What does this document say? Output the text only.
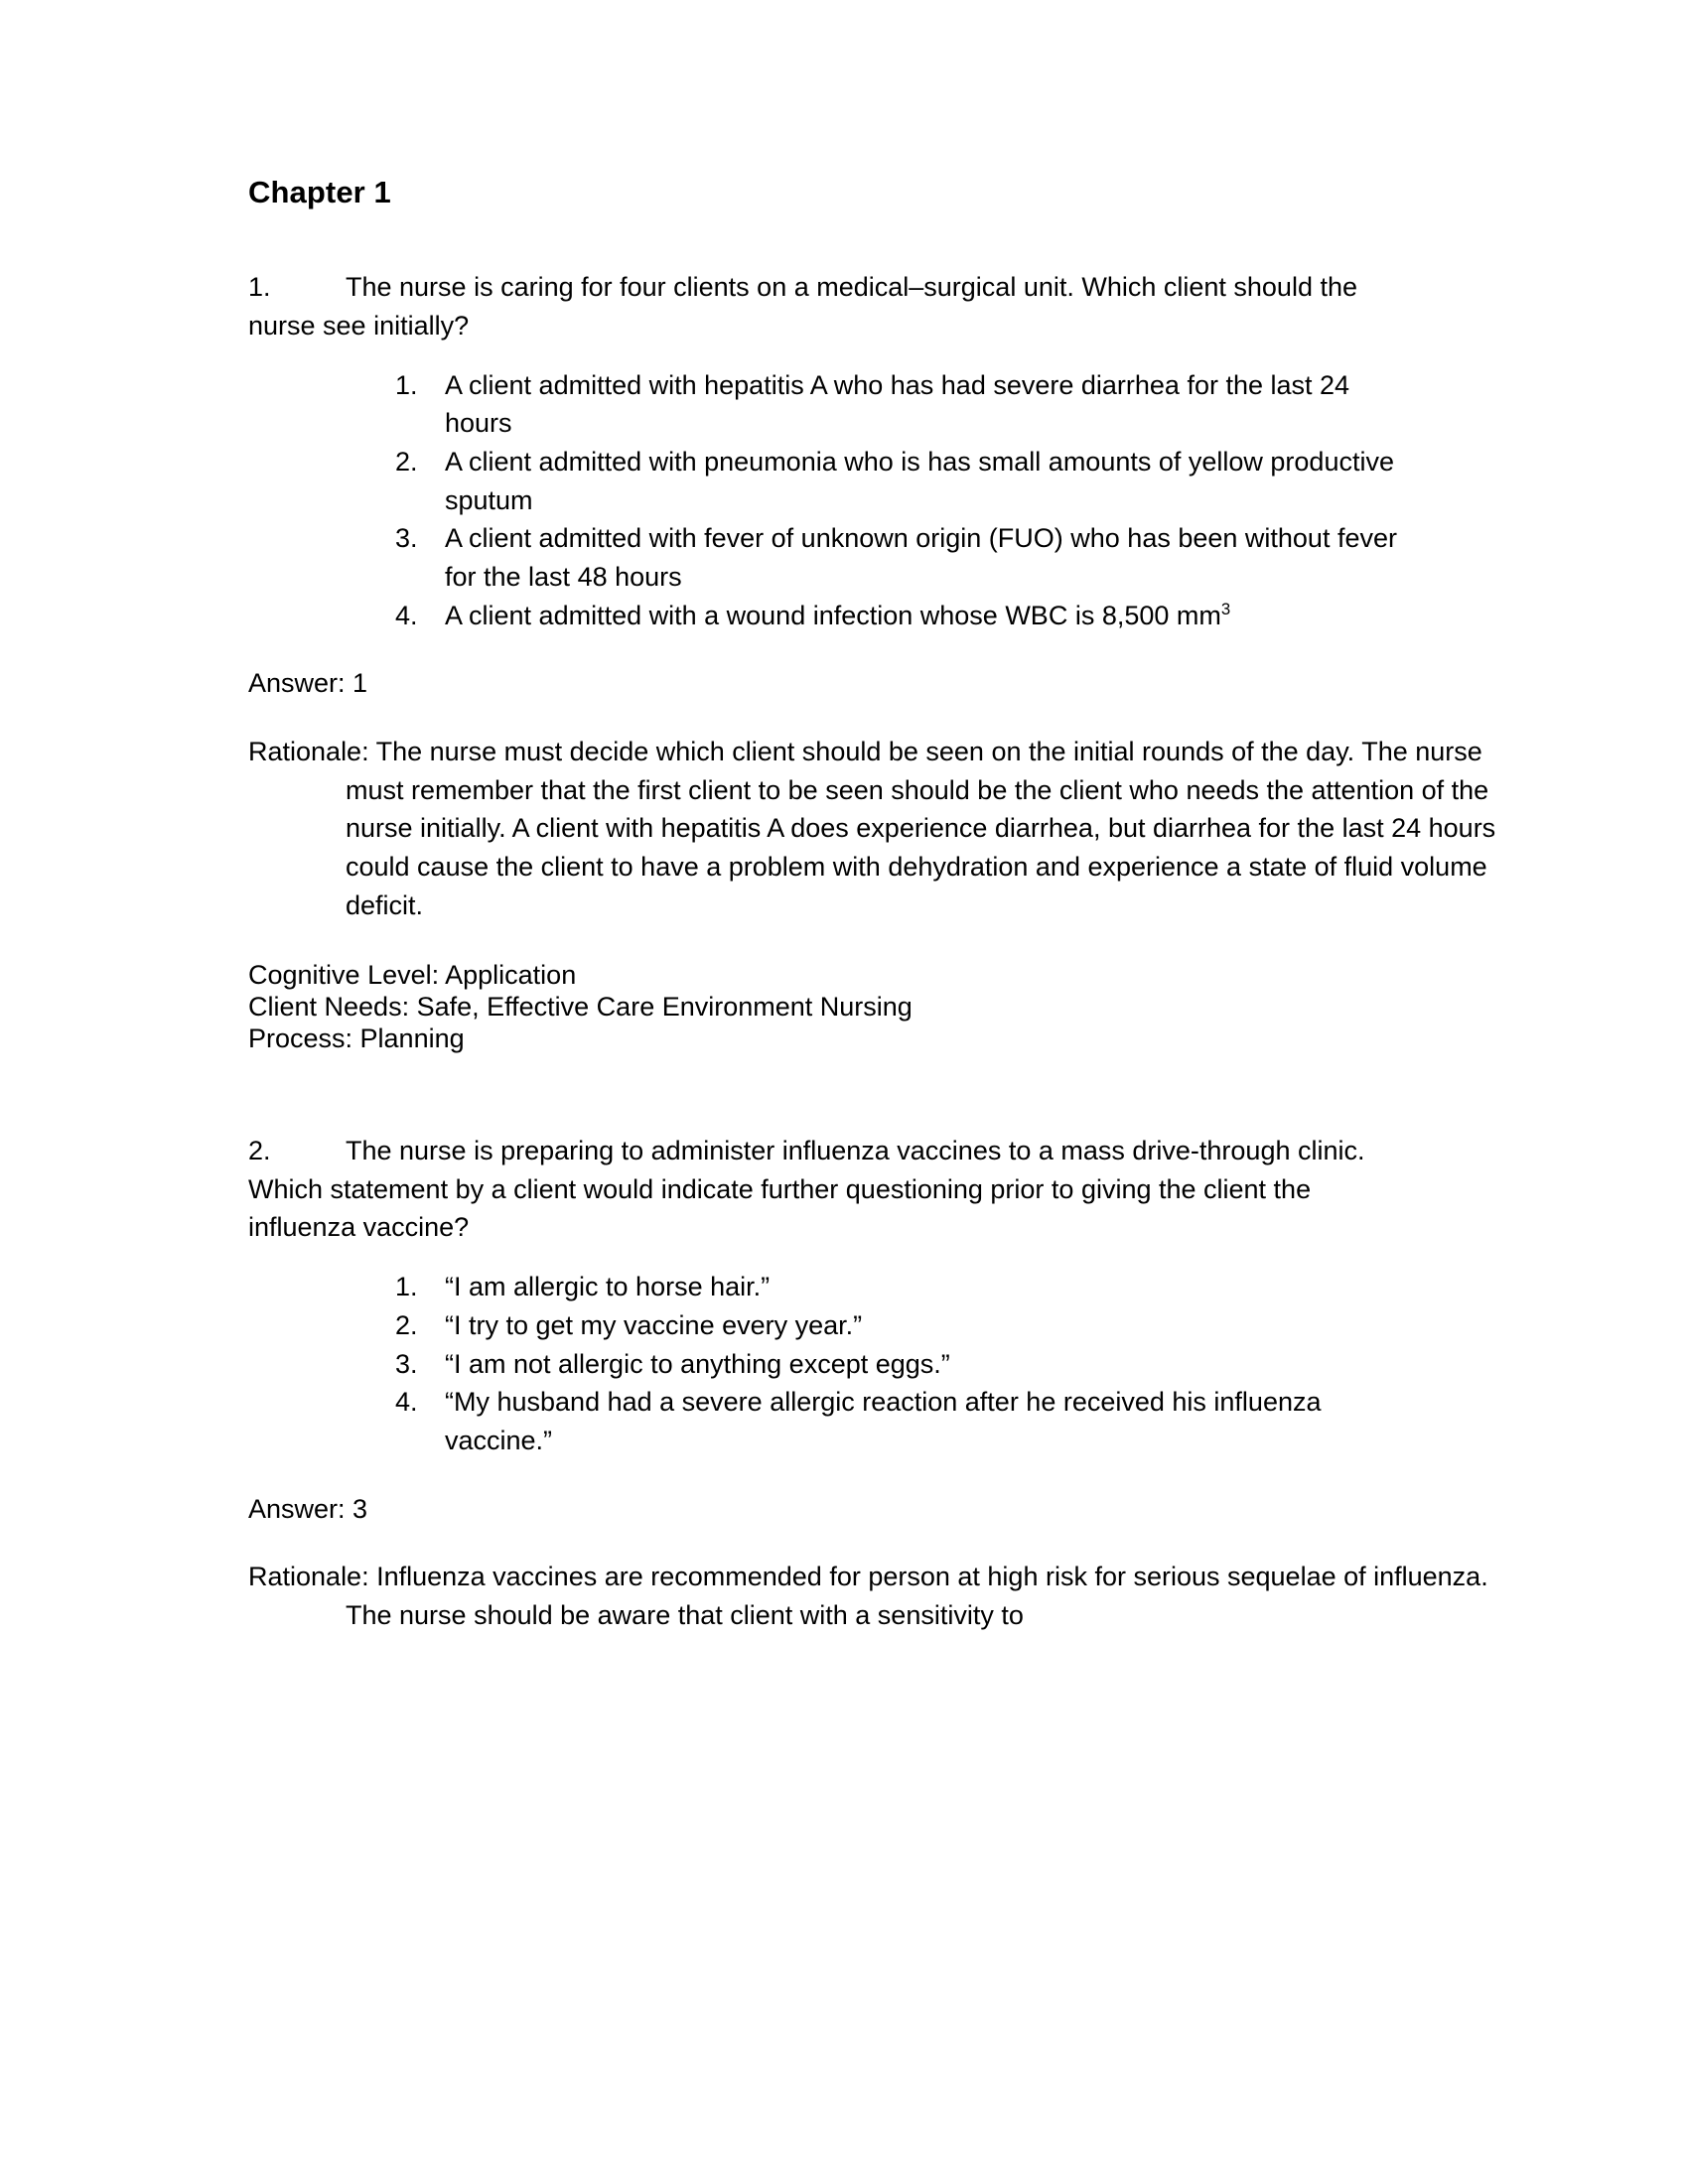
Chapter 1

1.	The nurse is caring for four clients on a medical–surgical unit. Which client should the nurse see initially?

1.	A client admitted with hepatitis A who has had severe diarrhea for the last 24 hours
2.	A client admitted with pneumonia who is has small amounts of yellow productive sputum
3.	A client admitted with fever of unknown origin (FUO) who has been without fever for the last 48 hours
4.	A client admitted with a wound infection whose WBC is 8,500 $mm^3$

Answer: 1

Rationale: The nurse must decide which client should be seen on the initial rounds of the day. The nurse must remember that the first client to be seen should be the client who needs the attention of the nurse initially. A client with hepatitis A does experience diarrhea, but diarrhea for the last 24 hours could cause the client to have a problem with dehydration and experience a state of fluid volume deficit.

Cognitive Level: Application
Client Needs: Safe, Effective Care Environment Nursing
Process: Planning

2.	The nurse is preparing to administer influenza vaccines to a mass drive-through clinic. Which statement by a client would indicate further questioning prior to giving the client the influenza vaccine?

1.	“I am allergic to horse hair.”
2.	“I try to get my vaccine every year.”
3.	“I am not allergic to anything except eggs.”
4.	“My husband had a severe allergic reaction after he received his influenza vaccine.”

Answer: 3

Rationale: Influenza vaccines are recommended for person at high risk for serious sequelae of influenza. The nurse should be aware that client with a sensitivity to
